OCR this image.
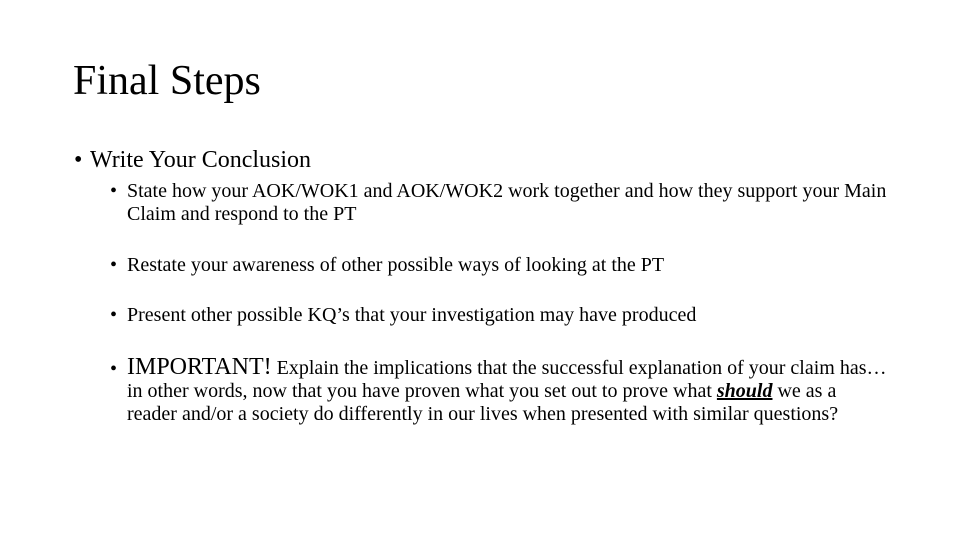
Final Steps
• Write Your Conclusion
• State how your AOK/WOK1 and AOK/WOK2 work together and how they support your Main Claim and respond to the PT
• Restate your awareness of other possible ways of looking at the PT
• Present other possible KQ’s that your investigation may have produced
• IMPORTANT! Explain the implications that the successful explanation of your claim has…in other words, now that you have proven what you set out to prove what should we as a reader and/or a society do differently in our lives when presented with similar questions?
